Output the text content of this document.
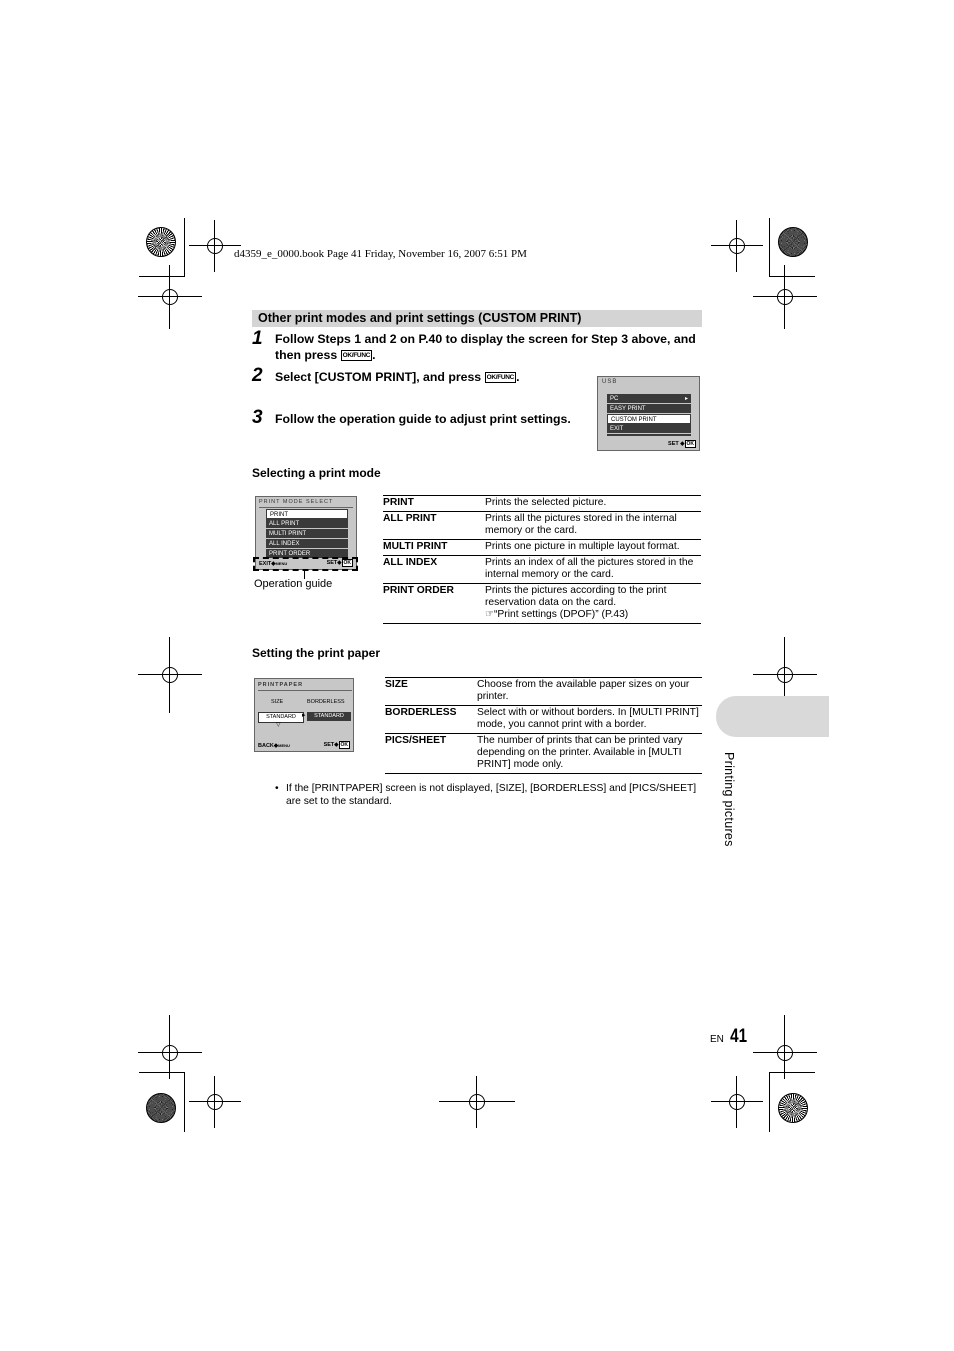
d4359_e_0000.book Page 41 Friday, November 16, 2007 6:51 PM
Other print modes and print settings (CUSTOM PRINT)
1 Follow Steps 1 and 2 on P.40 to display the screen for Step 3 above, and
then press OK/FUNC .
2 Select [CUSTOM PRINT], and press OK/FUNC .
3 Follow the operation guide to adjust print settings.
USB
PC	▸
EASY PRINT
CUSTOM PRINT
EXIT
SET ◆ OK
Selecting a print mode
PRINT MODE SELECT
PRINT
ALL PRINT
MULTI PRINT
ALL INDEX
PRINT ORDER
EXIT◆MENU	SET◆ OK
Operation guide
PRINT	Prints the selected picture.
ALL PRINT	Prints all the pictures stored in the internal memory or the card.
MULTI PRINT	Prints one picture in multiple layout format.
ALL INDEX	Prints an index of all the pictures stored in the internal memory or the card.
PRINT ORDER	Prints the pictures according to the print reservation data on the card.
☞“Print settings (DPOF)” (P.43)
Setting the print paper
PRINTPAPER
SIZE	BORDERLESS
STANDARD ▸	STANDARD
▽
BACK◆MENU	SET◆ OK
SIZE	Choose from the available paper sizes on your printer.
BORDERLESS	Select with or without borders. In [MULTI PRINT] mode, you cannot print with a border.
PICS/SHEET	The number of prints that can be printed vary depending on the printer. Available in [MULTI PRINT] mode only.
• If the [PRINTPAPER] screen is not displayed, [SIZE], [BORDERLESS] and [PICS/SHEET] are set to the standard.	Printing pictures
EN 41
